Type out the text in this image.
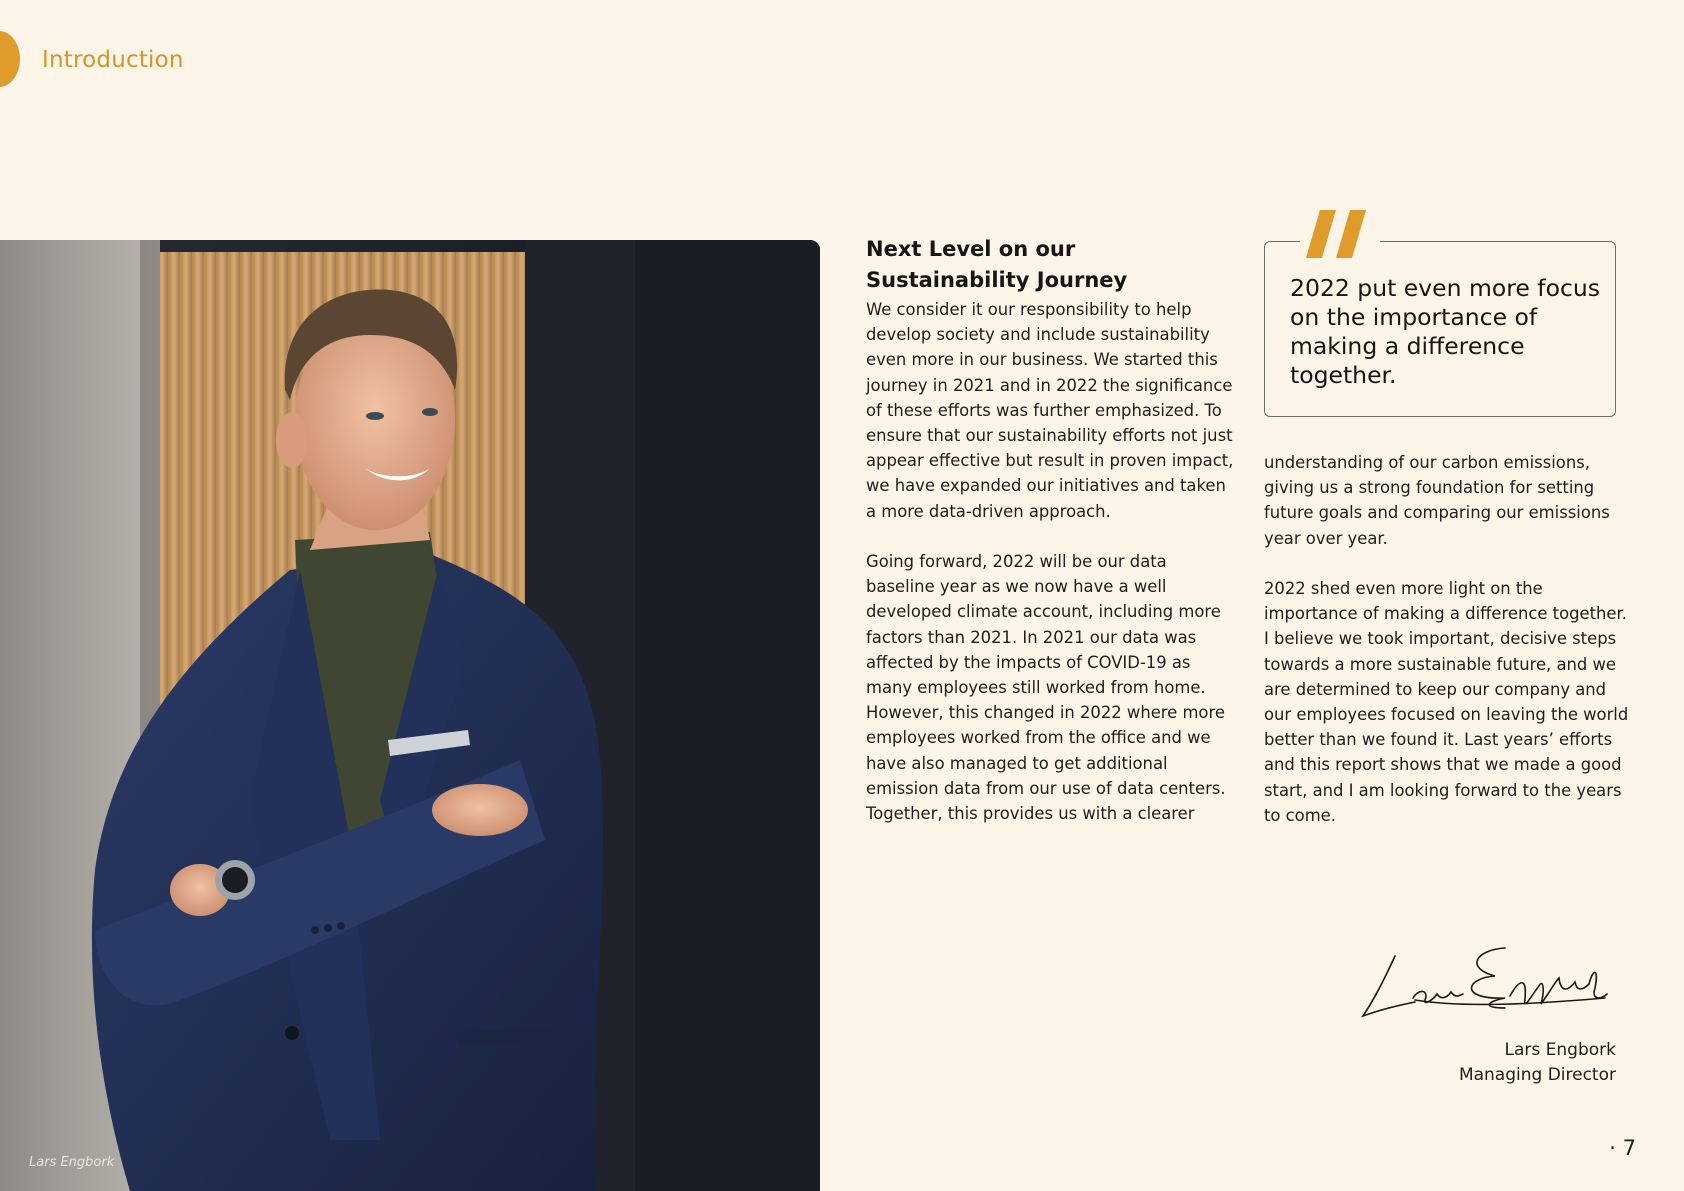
Introduction
Lars Engbork
Next Level on our Sustainability Journey

We consider it our responsibility to help develop society and include sustainability even more in our business. We started this journey in 2021 and in 2022 the significance of these efforts was further emphasized. To ensure that our sustainability efforts not just appear effective but result in proven impact, we have expanded our initiatives and taken a more data-driven approach.

Going forward, 2022 will be our data baseline year as we now have a well developed climate account, including more factors than 2021. In 2021 our data was affected by the impacts of COVID-19 as many employees still worked from home. However, this changed in 2022 where more employees worked from the office and we have also managed to get additional emission data from our use of data centers. Together, this provides us with a clearer

2022 put even more focus on the importance of making a difference together.

understanding of our carbon emissions, giving us a strong foundation for setting future goals and comparing our emissions year over year.

2022 shed even more light on the importance of making a difference together. I believe we took important, decisive steps towards a more sustainable future, and we are determined to keep our company and our employees focused on leaving the world better than we found it. Last years’ efforts and this report shows that we made a good start, and I am looking forward to the years to come.

Lars Engbork
Managing Director
· 7
